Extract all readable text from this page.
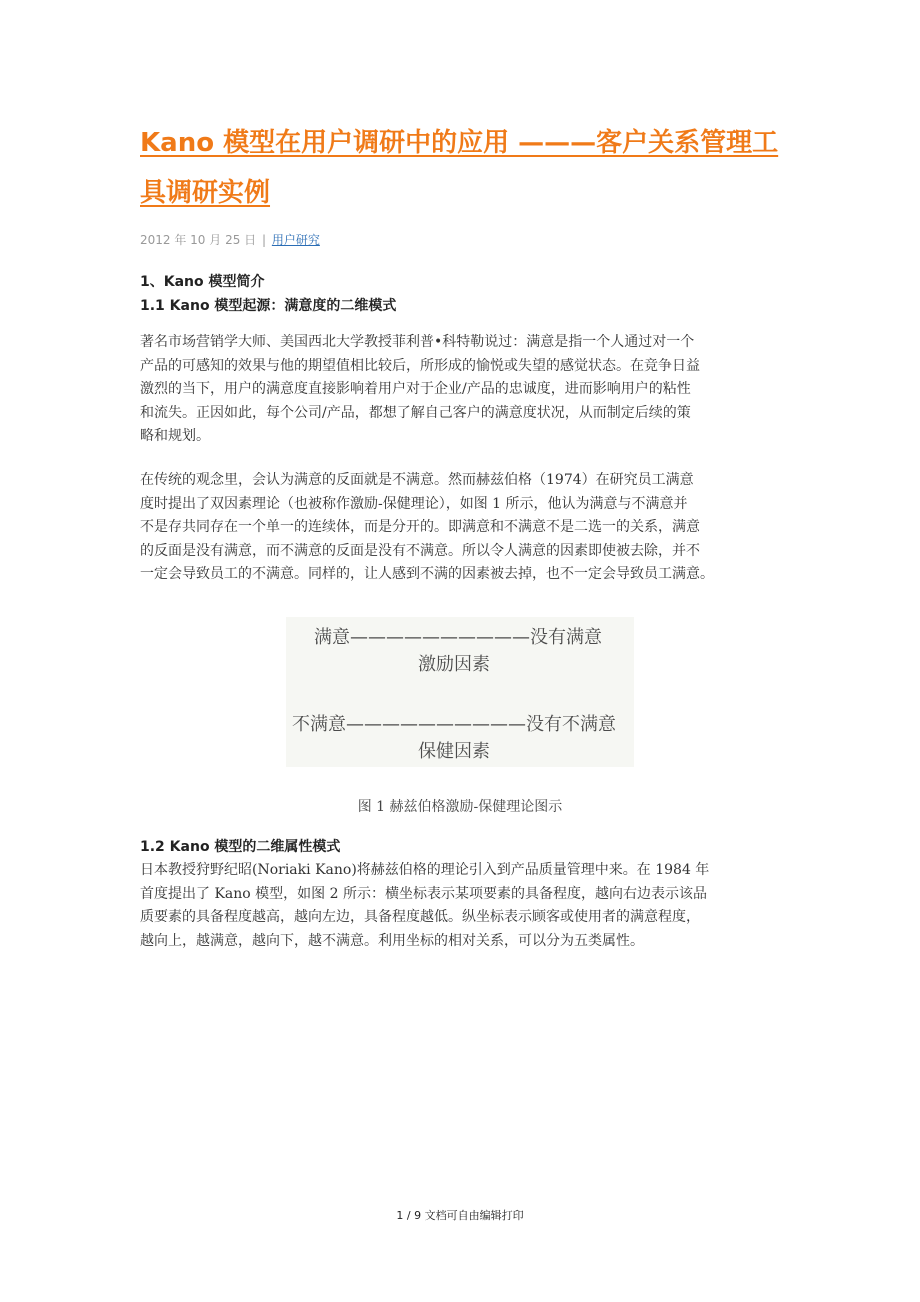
Kano 模型在用户调研中的应用 ———客户关系管理工
具调研实例
2012 年 10 月 25 日 | 用户研究
1、Kano 模型简介
1.1 Kano 模型起源：满意度的二维模式
著名市场营销学大师、美国西北大学教授菲利普•科特勒说过：满意是指一个人通过对一个
产品的可感知的效果与他的期望值相比较后，所形成的愉悦或失望的感觉状态。在竞争日益
激烈的当下，用户的满意度直接影响着用户对于企业/产品的忠诚度，进而影响用户的粘性
和流失。正因如此，每个公司/产品，都想了解自己客户的满意度状况，从而制定后续的策
略和规划。
在传统的观念里，会认为满意的反面就是不满意。然而赫兹伯格（1974）在研究员工满意
度时提出了双因素理论（也被称作激励-保健理论），如图 1 所示，他认为满意与不满意并
不是存共同存在一个单一的连续体，而是分开的。即满意和不满意不是二选一的关系，满意
的反面是没有满意，而不满意的反面是没有不满意。所以令人满意的因素即使被去除，并不
一定会导致员工的不满意。同样的，让人感到不满的因素被去掉，也不一定会导致员工满意。
满意——————————没有满意
激励因素
不满意——————————没有不满意
保健因素
图 1 赫兹伯格激励-保健理论图示
1.2 Kano 模型的二维属性模式
日本教授狩野纪昭(Noriaki Kano)将赫兹伯格的理论引入到产品质量管理中来。在 1984 年
首度提出了 Kano 模型，如图 2 所示：横坐标表示某项要素的具备程度，越向右边表示该品
质要素的具备程度越高，越向左边，具备程度越低。纵坐标表示顾客或使用者的满意程度，
越向上，越满意，越向下，越不满意。利用坐标的相对关系，可以分为五类属性。
1 / 9 文档可自由编辑打印
